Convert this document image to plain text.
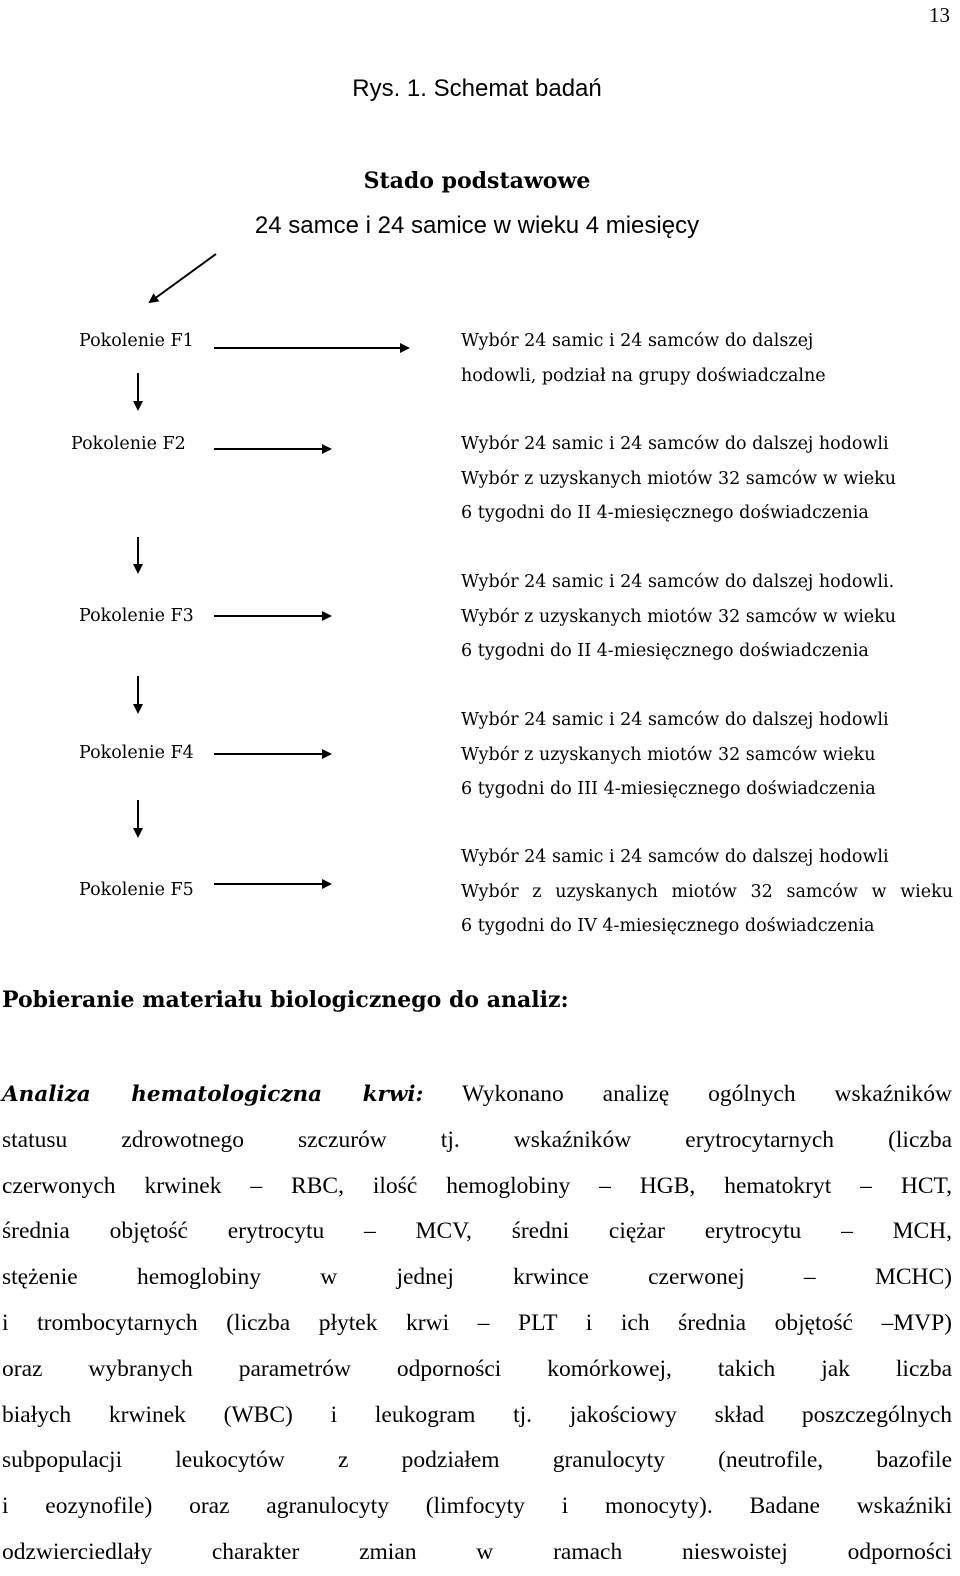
13
Rys. 1. Schemat badań
Stado podstawowe
24 samce i 24 samice w wieku 4 miesięcy
Pokolenie F1
Pokolenie F2
Pokolenie F3
Pokolenie F4
Pokolenie F5
Wybór 24 samic i 24 samców do dalszej
hodowli, podział na grupy doświadczalne
Wybór 24 samic i 24 samców do dalszej hodowli
Wybór z uzyskanych miotów 32 samców w wieku
6 tygodni do II 4-miesięcznego doświadczenia
Wybór 24 samic i 24 samców do dalszej hodowli.
Wybór z uzyskanych miotów 32 samców w wieku
6 tygodni do II 4-miesięcznego doświadczenia
Wybór 24 samic i 24 samców do dalszej hodowli
Wybór z uzyskanych miotów 32 samców wieku
6 tygodni do III 4-miesięcznego doświadczenia
Wybór 24 samic i 24 samców do dalszej hodowli
Wybór z uzyskanych miotów 32 samców w wieku
6 tygodni do IV 4-miesięcznego doświadczenia
Pobieranie materiału biologicznego do analiz:
Analiza hematologiczna krwi: Wykonano analizę ogólnych wskaźników
statusu zdrowotnego szczurów tj. wskaźników erytrocytarnych (liczba
czerwonych krwinek – RBC, ilość hemoglobiny – HGB, hematokryt – HCT,
średnia objętość erytrocytu – MCV, średni ciężar erytrocytu – MCH,
stężenie hemoglobiny w jednej krwince czerwonej – MCHC)
i trombocytarnych (liczba płytek krwi – PLT i ich średnia objętość –MVP)
oraz wybranych parametrów odporności komórkowej, takich jak liczba
białych krwinek (WBC) i leukogram tj. jakościowy skład poszczególnych
subpopulacji leukocytów z podziałem granulocyty (neutrofile, bazofile
i eozynofile) oraz agranulocyty (limfocyty i monocyty). Badane wskaźniki
odzwierciedlały charakter zmian w ramach nieswoistej odporności
